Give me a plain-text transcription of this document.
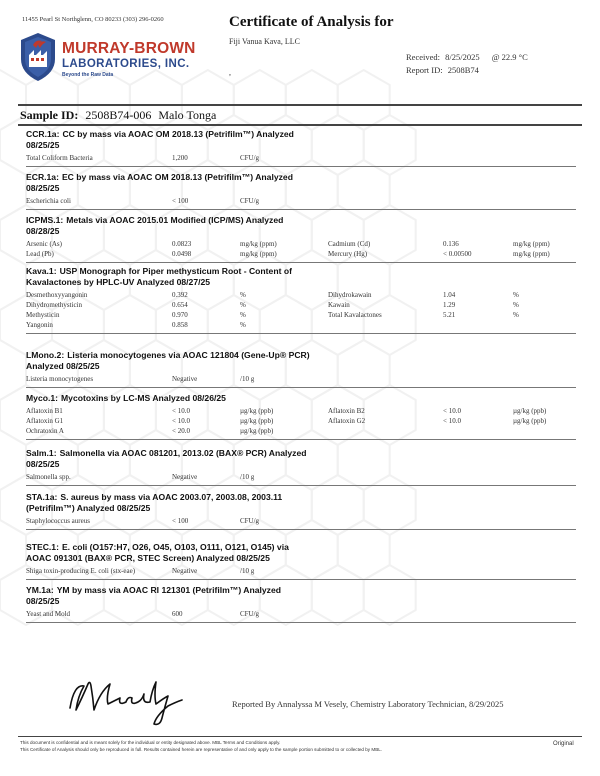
11455 Pearl St Northglenn, CO 80233 (303) 296-0260
MURRAY-BROWN
LABORATORIES, INC.
Beyond the Raw Data
Certificate of Analysis for
Fiji Vanua Kava, LLC
,
Received: 8/25/2025 @ 22.9 °C
Report ID: 2508B74
Sample ID: 2508B74-006 Malo Tonga
CCR.1a: CC by mass via AOAC OM 2018.13 (Petrifilm™) Analyzed 08/25/25
Total Coliform Bacteria	1,200	CFU/g
ECR.1a: EC by mass via AOAC OM 2018.13 (Petrifilm™) Analyzed 08/25/25
Escherichia coli	< 100	CFU/g
ICPMS.1: Metals via AOAC 2015.01 Modified (ICP/MS) Analyzed 08/28/25
Arsenic (As)	0.0823	mg/kg (ppm)	Cadmium (Cd)	0.136	mg/kg (ppm)
Lead (Pb)	0.0498	mg/kg (ppm)	Mercury (Hg)	< 0.00500	mg/kg (ppm)
Kava.1: USP Monograph for Piper methysticum Root - Content of Kavalactones by HPLC-UV Analyzed 08/27/25
Desmethoxyyangonin	0.392	%	Dihydrokawain	1.04	%
Dihydromethysticin	0.654	%	Kawain	1.29	%
Methysticin	0.970	%	Total Kavalactones	5.21	%
Yangonin	0.858	%
LMono.2: Listeria monocytogenes via AOAC 121804 (Gene-Up® PCR) Analyzed 08/25/25
Listeria monocytogenes	Negative	/10 g
Myco.1: Mycotoxins by LC-MS Analyzed 08/26/25
Aflatoxin B1	< 10.0	µg/kg (ppb)	Aflatoxin B2	< 10.0	µg/kg (ppb)
Aflatoxin G1	< 10.0	µg/kg (ppb)	Aflatoxin G2	< 10.0	µg/kg (ppb)
Ochratoxin A	< 20.0	µg/kg (ppb)
Salm.1: Salmonella via AOAC 081201, 2013.02 (BAX® PCR) Analyzed 08/25/25
Salmonella spp.	Negative	/10 g
STA.1a: S. aureus by mass via AOAC 2003.07, 2003.08, 2003.11 (Petrifilm™) Analyzed 08/25/25
Staphylococcus aureus	< 100	CFU/g
STEC.1: E. coli (O157:H7, O26, O45, O103, O111, O121, O145) via AOAC 091301 (BAX® PCR, STEC Screen) Analyzed 08/25/25
Shiga toxin-producing E. coli (stx-eae)	Negative	/10 g
YM.1a: YM by mass via AOAC RI 121301 (Petrifilm™) Analyzed 08/25/25
Yeast and Mold	600	CFU/g
Reported By Annalyssa M Vesely, Chemistry Laboratory Technician, 8/29/2025
This document is confidential and is meant solely for the individual or entity designated above. MBL Terms and Conditions apply.
This Certificate of Analysis should only be reproduced in full. Results contained herein are representative of and only apply to the sample portion submitted to or collected by MBL.
Original
